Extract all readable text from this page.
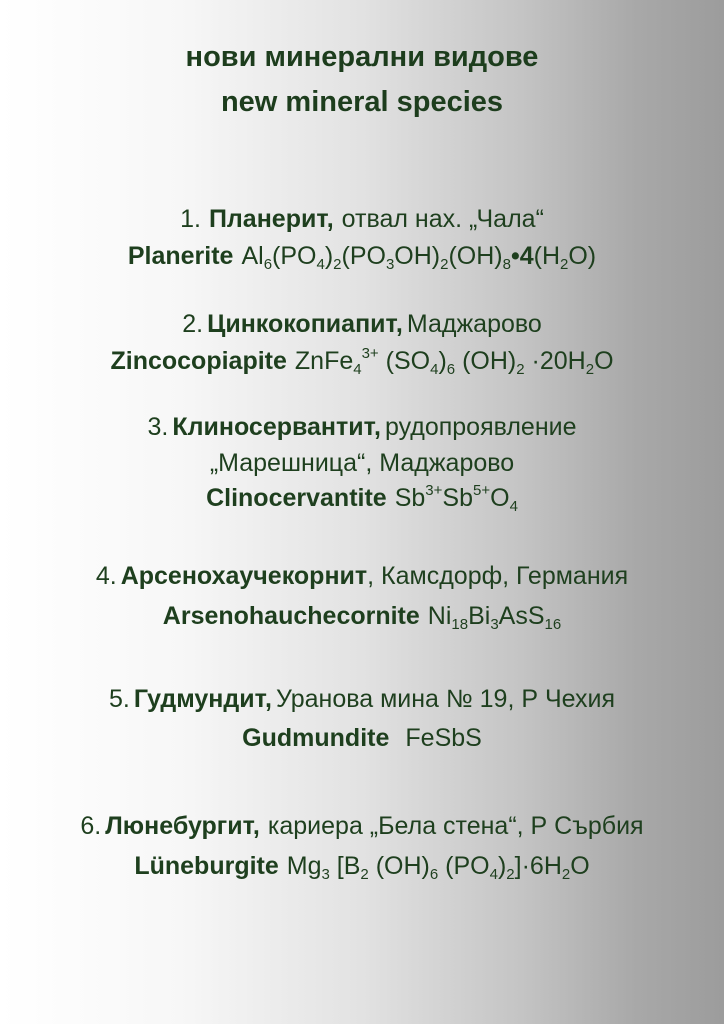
нови минерални видове
new mineral species
1. Планерит, отвал нах. „Чала“
Planerite $Al_6(PO_4)_2(PO_3OH)_2(OH)_8•4(H_2O)$
2. Цинкокопиапит, Маджарово
Zincocopiapite ZnFe$_4^{3+}$ $(SO_4)_6$ $(OH)_2 \cdot 20H_2O$
3. Клиносервантит, рудопроявление
„Марешница“, Маджарово
Clinocervantite $Sb^{3+}Sb^{5+}O_4$
4. Арсенохаучекорнит, Камсдорф, Германия
Arsenohauchecornite $Ni_{18}Bi_3AsS_{16}$
5. Гудмундит, Уранова мина № 19, Р Чехия
Gudmundite FeSbS
6. Люнебургит, кариера „Бела стена“, Р Сърбия
Lüneburgite $Mg_3$ [$B_2$ $(OH)_6$ $(PO_4)_2]\cdot 6H_2O$
